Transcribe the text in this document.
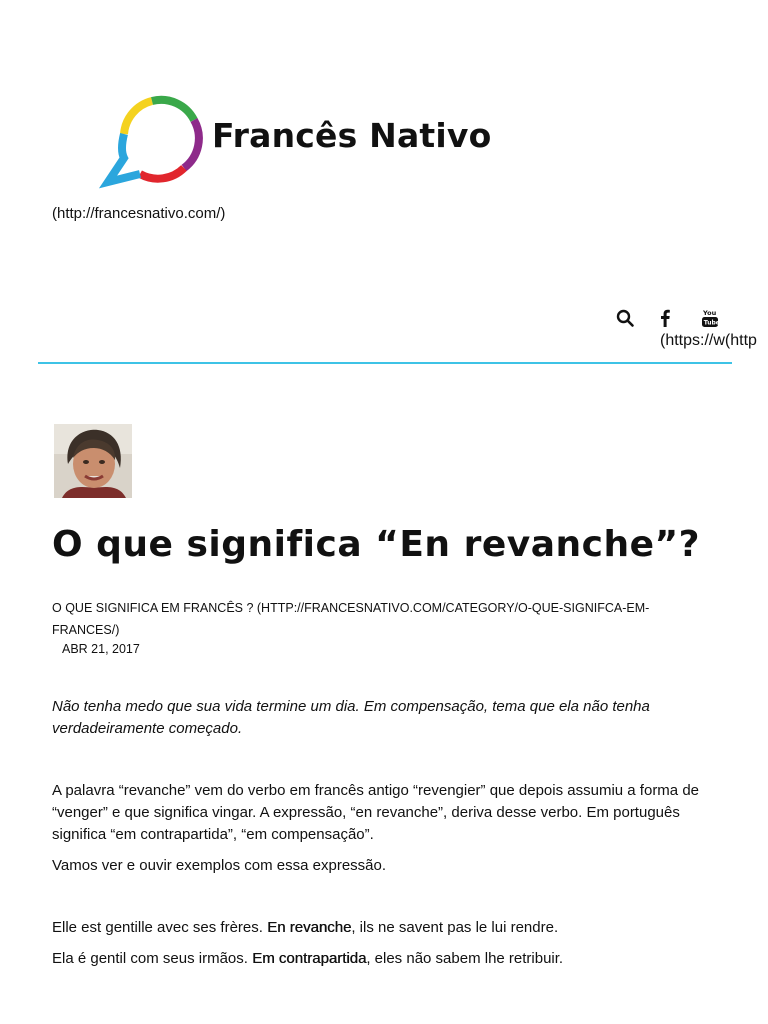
Francês Nativo
(http://francesnativo.com/)
You
Tube
(https://w(http
O que significa “En revanche”?
O QUE SIGNIFICA EM FRANCÊS ? (HTTP://FRANCESNATIVO.COM/CATEGORY/O-QUE-SIGNIFCA-EM-FRANCES/)
ABR 21, 2017

Não tenha medo que sua vida termine um dia. Em compensação, tema que ela não tenha verdadeiramente começado.

A palavra “revanche” vem do verbo em francês antigo “revengier” que depois assumiu a forma de “venger” e que significa vingar. A expressão, “en revanche”, deriva desse verbo. Em português significa “em contrapartida”, “em compensação”.

Vamos ver e ouvir exemplos com essa expressão.

Elle est gentille avec ses frères. En revanche, ils ne savent pas le lui rendre.

Ela é gentil com seus irmãos. Em contrapartida, eles não sabem lhe retribuir.
